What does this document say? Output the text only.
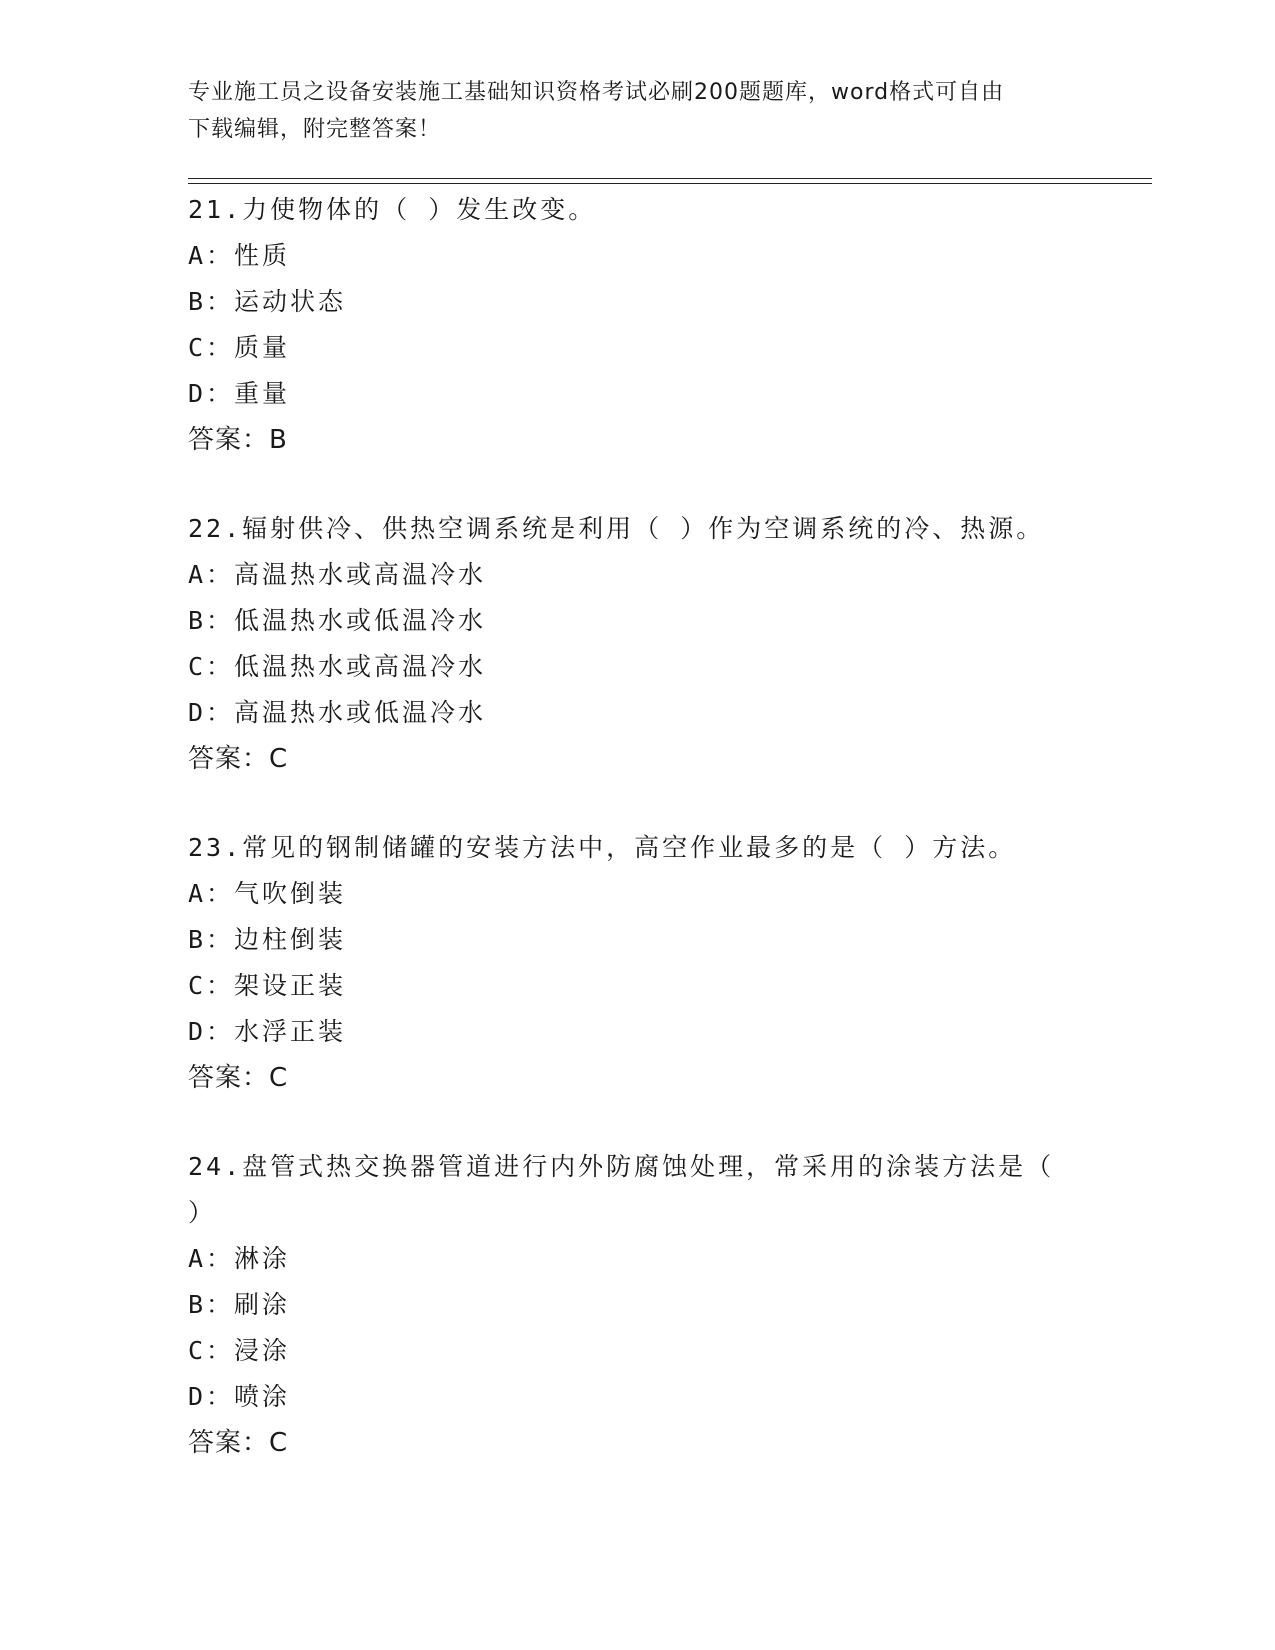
专业施工员之设备安装施工基础知识资格考试必刷200题题库，word格式可自由
下载编辑，附完整答案！
21.力使物体的（ ）发生改变。
A： 性质
B： 运动状态
C： 质量
D： 重量
答案：B
22.辐射供冷、供热空调系统是利用（ ）作为空调系统的冷、热源。
A： 高温热水或高温冷水
B： 低温热水或低温冷水
C： 低温热水或高温冷水
D： 高温热水或低温冷水
答案：C
23.常见的钢制储罐的安装方法中，高空作业最多的是（ ）方法。
A： 气吹倒装
B： 边柱倒装
C： 架设正装
D： 水浮正装
答案：C
24.盘管式热交换器管道进行内外防腐蚀处理，常采用的涂装方法是（
）
A： 淋涂
B： 刷涂
C： 浸涂
D： 喷涂
答案：C
